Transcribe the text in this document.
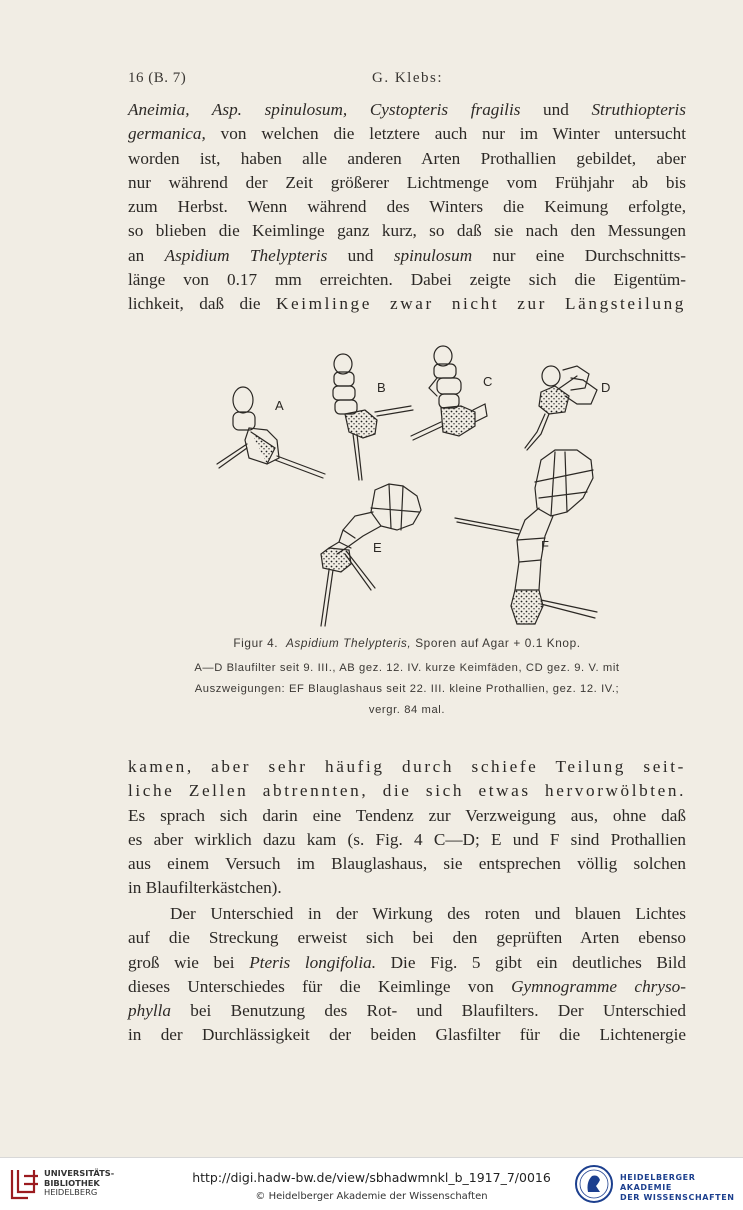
16 (B. 7)	G. Klebs:
Aneimia, Asp. spinulosum, Cystopteris fragilis und Struthiopteris
germanica, von welchen die letztere auch nur im Winter untersucht
worden ist, haben alle anderen Arten Prothallien gebildet, aber
nur während der Zeit größerer Lichtmenge vom Frühjahr ab bis
zum Herbst. Wenn während des Winters die Keimung erfolgte,
so blieben die Keimlinge ganz kurz, so daß sie nach den Messungen
an Aspidium Thelypteris und spinulosum nur eine Durchschnitts-
länge von 0.17 mm erreichten. Dabei zeigte sich die Eigentüm-
lichkeit, daß die Keimlinge zwar nicht zur Längsteilung
A
B	C	D
E	F
Figur 4. Aspidium Thelypteris, Sporen auf Agar + 0.1 Knop.
A—D Blaufilter seit 9. III., AB gez. 12. IV. kurze Keimfäden, CD gez. 9. V. mit
Auszweigungen: EF Blauglashaus seit 22. III. kleine Prothallien, gez. 12. IV.;
vergr. 84 mal.
kamen, aber sehr häufig durch schiefe Teilung seit-
liche Zellen abtrennten, die sich etwas hervorwölbten.
Es sprach sich darin eine Tendenz zur Verzweigung aus, ohne daß
es aber wirklich dazu kam (s. Fig. 4 C—D; E und F sind Prothallien
aus einem Versuch im Blauglashaus, sie entsprechen völlig solchen
in Blaufilterkästchen).
Der Unterschied in der Wirkung des roten und blauen Lichtes
auf die Streckung erweist sich bei den geprüften Arten ebenso
groß wie bei Pteris longifolia. Die Fig. 5 gibt ein deutliches Bild
dieses Unterschiedes für die Keimlinge von Gymnogramme chryso-
phylla bei Benutzung des Rot- und Blaufilters. Der Unterschied
in der Durchlässigkeit der beiden Glasfilter für die Lichtenergie
UNIVERSITÄTS-
BIBLIOTHEK
HEIDELBERG
http://digi.hadw-bw.de/view/sbhadwmnkl_b_1917_7/0016
© Heidelberger Akademie der Wissenschaften
HEIDELBERGER AKADEMIE
DER WISSENSCHAFTEN
